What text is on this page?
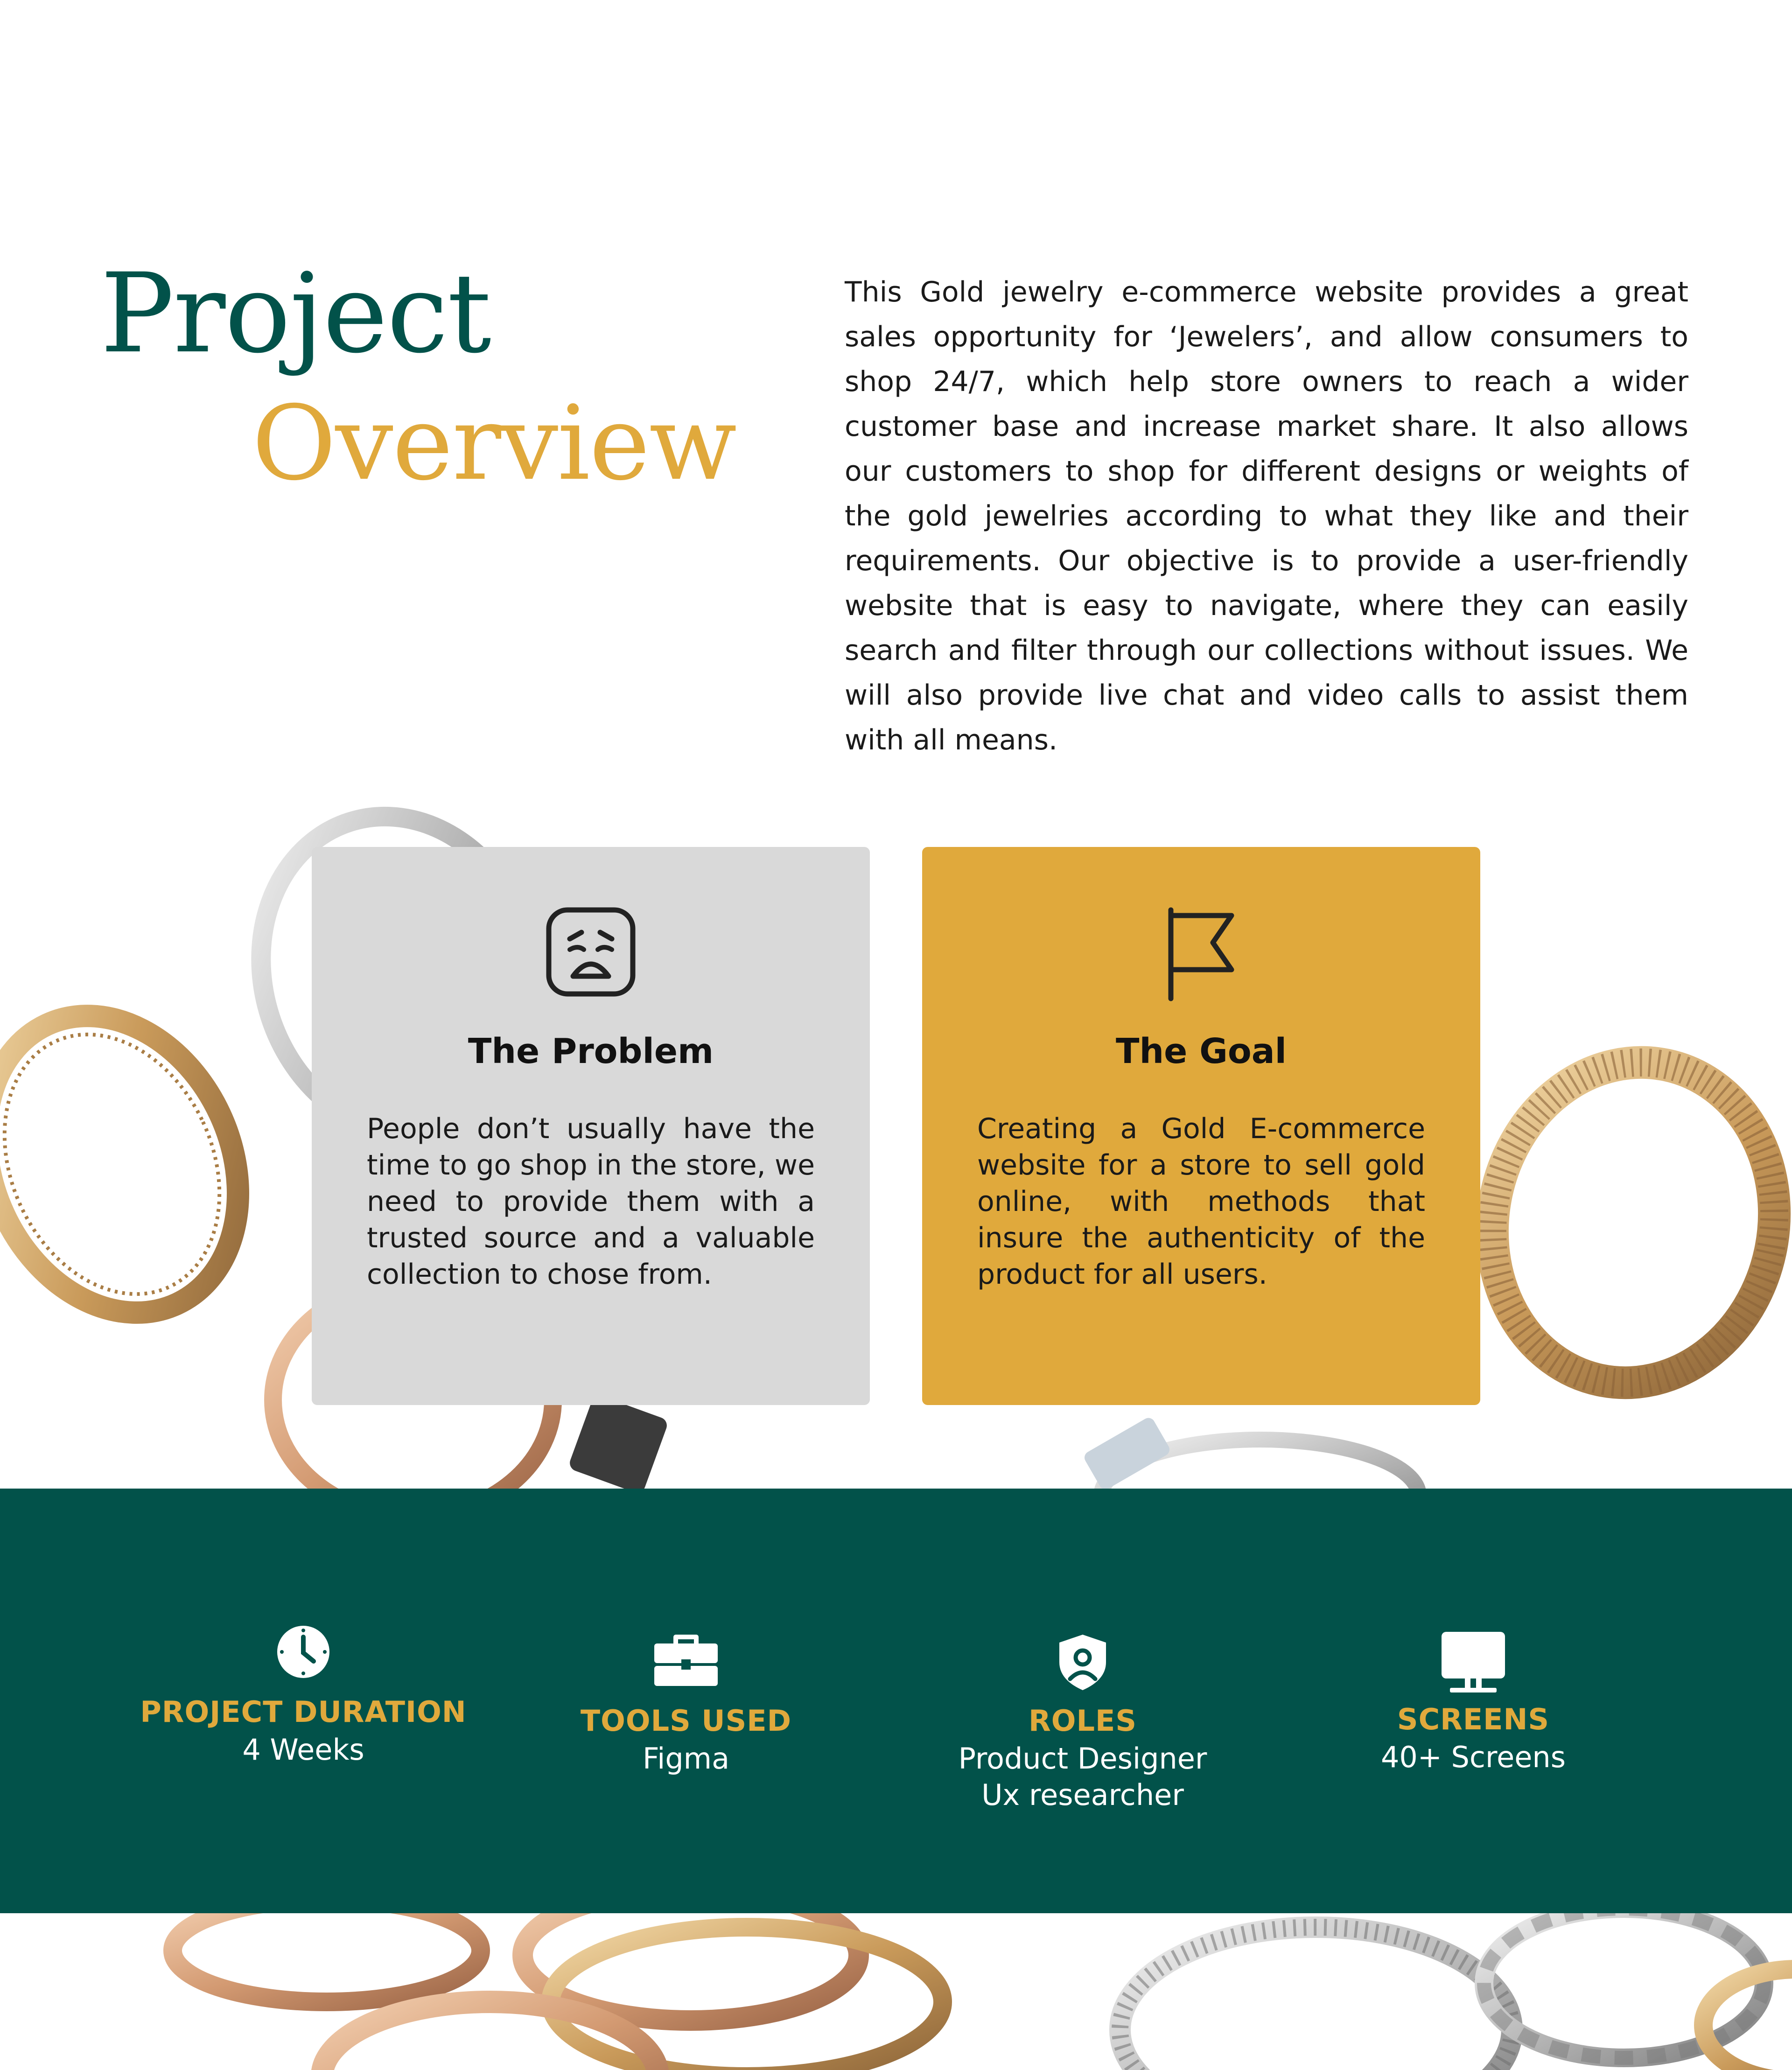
Project
Overview

This Gold jewelry e-commerce website provides a great sales opportunity for ‘Jewelers’, and allow consumers to shop 24/7, which help store owners to reach a wider customer base and increase market share. It also allows our customers to shop for different designs or weights of the gold jewelries according to what they like and their requirements. Our objective is to provide a user-friendly website that is easy to navigate, where they can easily search and filter through our collections without issues. We will also provide live chat and video calls to assist them with all means.

The Problem

People don’t usually have the time to go shop in the store, we need to provide them with a trusted source and a valuable collection to chose from.

The Goal

Creating a Gold E-commerce website for a store to sell gold online, with methods that insure the authenticity of the product for all users.

PROJECT DURATION

4 Weeks

TOOLS USED

Figma

ROLES

Product Designer

Ux researcher

SCREENS

40+ Screens
